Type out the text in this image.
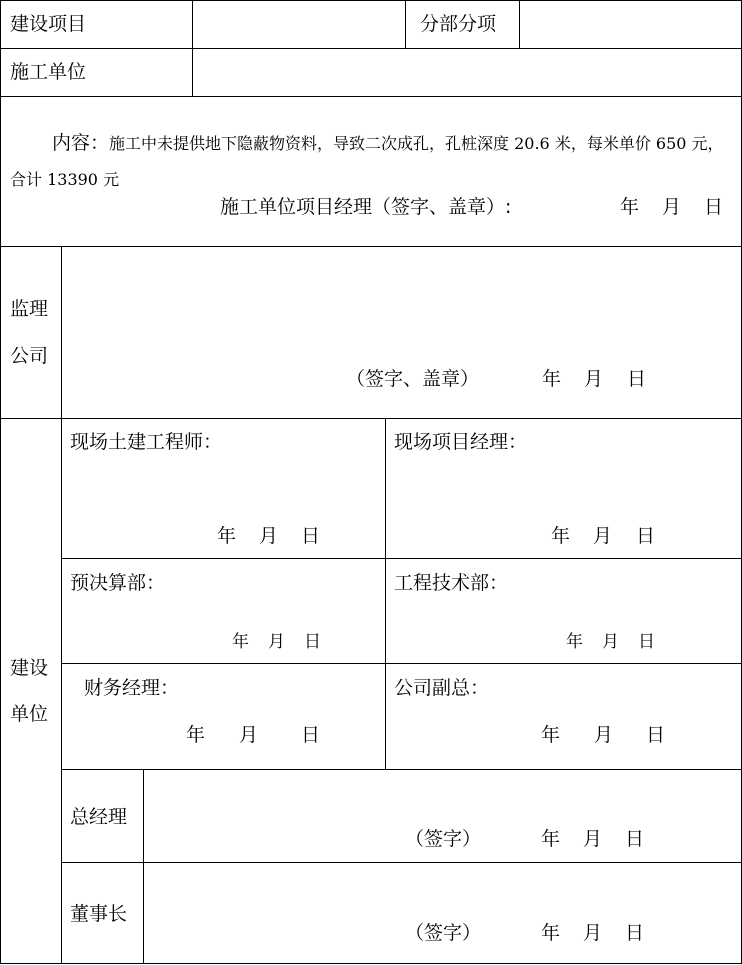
建设项目	分部分项
施工单位
内容：施工中未提供地下隐蔽物资料，导致二次成孔，孔桩深度 20.6 米，每米单价 650 元，合计 13390 元
施工单位项目经理（签字、盖章）:	年 月 日
监理
公司
（签字、盖章）	年 月 日
建设
单位
现场土建工程师：
年 月 日
现场项目经理：
年 月 日
预决算部：
年 月 日
工程技术部：
年 月 日
财务经理：
年 月 日
公司副总：
年 月 日
总经理
（签字）	年 月 日
董事长
（签字）	年 月 日
